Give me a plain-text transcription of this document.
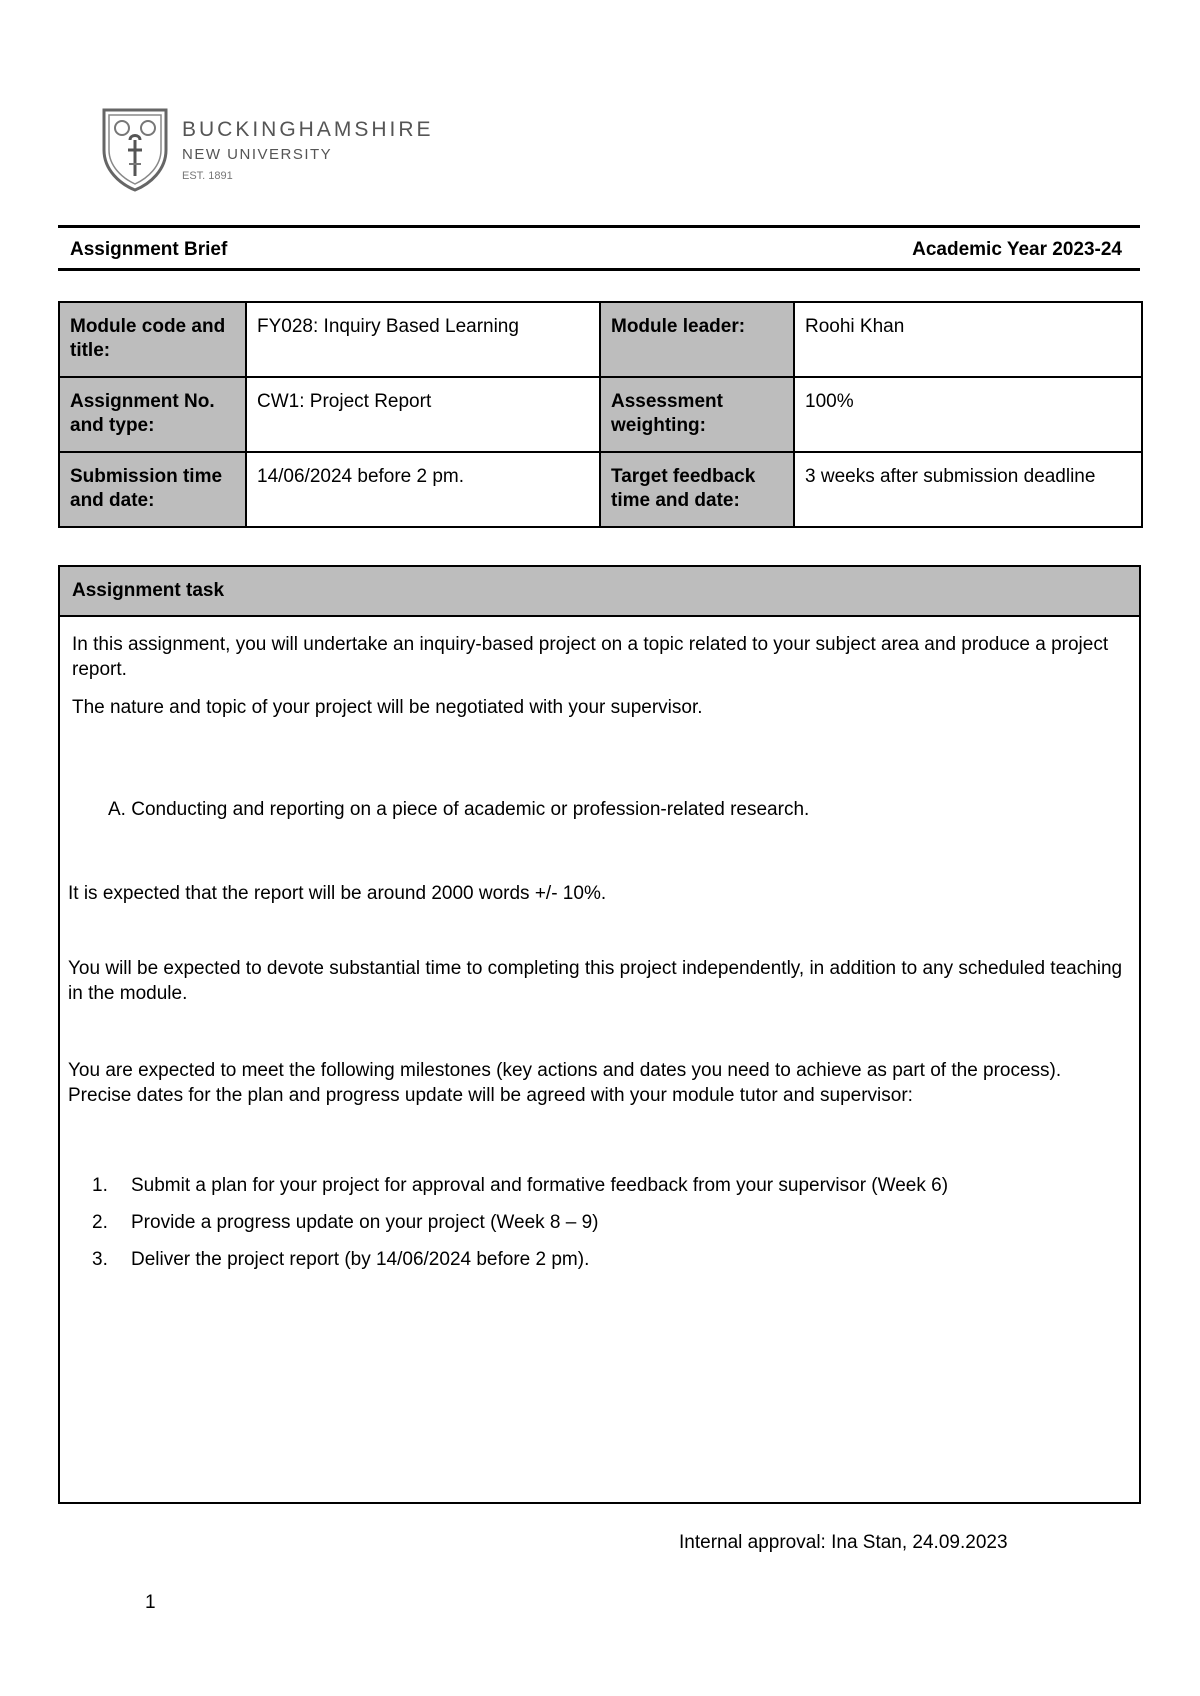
BUCKINGHAMSHIRE
NEW UNIVERSITY
EST. 1891
Assignment Brief	Academic Year 2023-24
Module code and title:	FY028: Inquiry Based Learning	Module leader:	Roohi Khan
Assignment No. and type:	CW1: Project Report	Assessment weighting:	100%
Submission time and date:	14/06/2024 before 2 pm.	Target feedback time and date:	3 weeks after submission deadline
Assignment task

In this assignment, you will undertake an inquiry-based project on a topic related to your subject area and produce a project report.

The nature and topic of your project will be negotiated with your supervisor.

A. Conducting and reporting on a piece of academic or profession-related research.

It is expected that the report will be around 2000 words +/- 10%.

You will be expected to devote substantial time to completing this project independently, in addition to any scheduled teaching in the module.

You are expected to meet the following milestones (key actions and dates you need to achieve as part of the process). Precise dates for the plan and progress update will be agreed with your module tutor and supervisor:

1. Submit a plan for your project for approval and formative feedback from your supervisor (Week 6)
2. Provide a progress update on your project (Week 8 – 9)
3. Deliver the project report (by 14/06/2024 before 2 pm).
Internal approval: Ina Stan, 24.09.2023
1
